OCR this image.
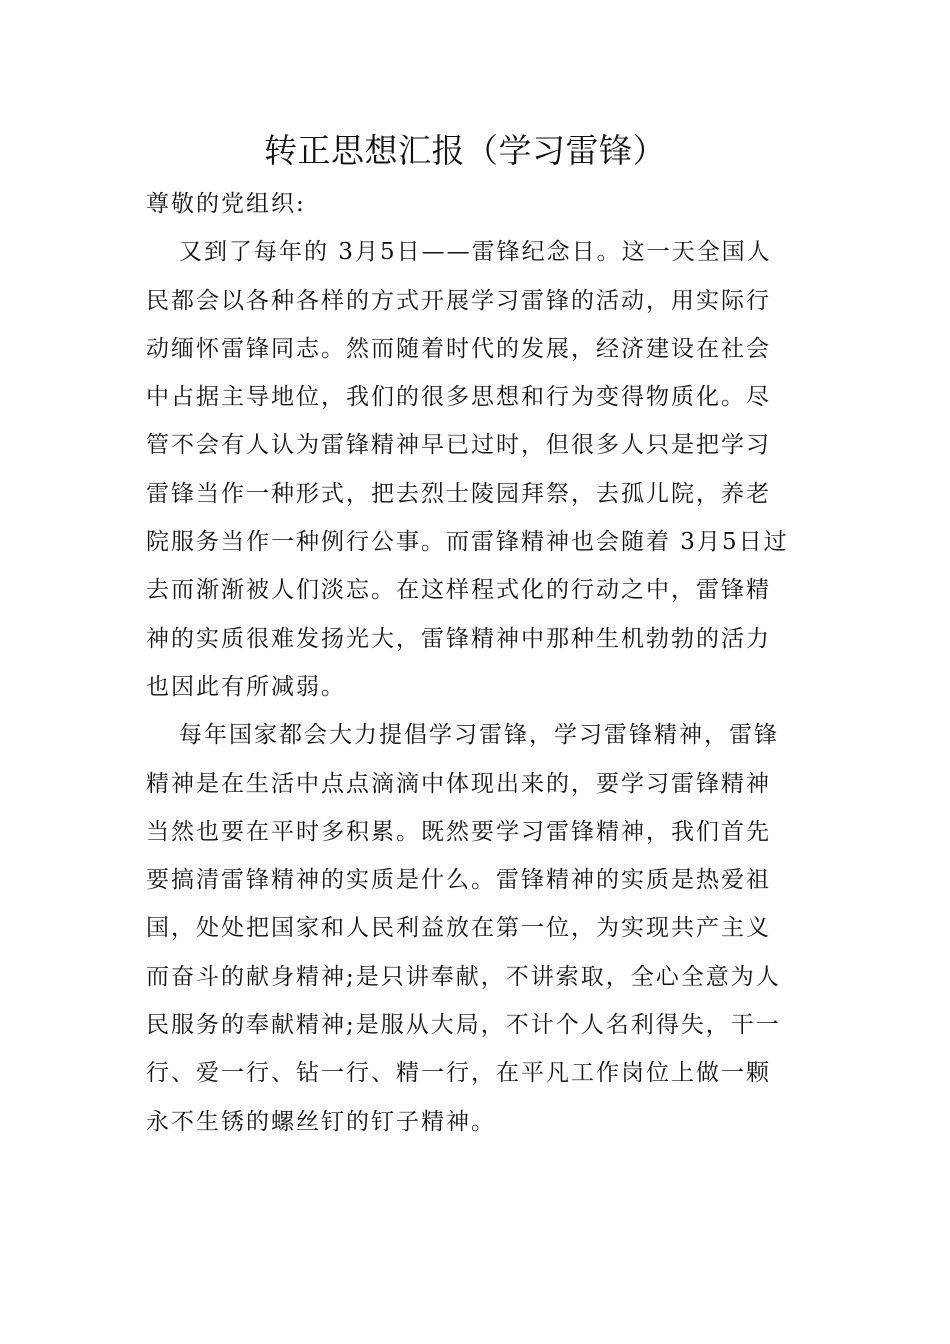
转正思想汇报（学习雷锋）

尊敬的党组织:

又到了每年的 3月5日——雷锋纪念日。这一天全国人
民都会以各种各样的方式开展学习雷锋的活动，用实际行
动缅怀雷锋同志。然而随着时代的发展，经济建设在社会
中占据主导地位，我们的很多思想和行为变得物质化。尽
管不会有人认为雷锋精神早已过时，但很多人只是把学习
雷锋当作一种形式，把去烈士陵园拜祭，去孤儿院，养老
院服务当作一种例行公事。而雷锋精神也会随着 3月5日过
去而渐渐被人们淡忘。在这样程式化的行动之中，雷锋精
神的实质很难发扬光大，雷锋精神中那种生机勃勃的活力
也因此有所减弱。

每年国家都会大力提倡学习雷锋，学习雷锋精神，雷锋
精神是在生活中点点滴滴中体现出来的，要学习雷锋精神
当然也要在平时多积累。既然要学习雷锋精神，我们首先
要搞清雷锋精神的实质是什么。雷锋精神的实质是热爱祖
国，处处把国家和人民利益放在第一位，为实现共产主义
而奋斗的献身精神;是只讲奉献，不讲索取，全心全意为人
民服务的奉献精神;是服从大局，不计个人名利得失，干一
行、爱一行、钻一行、精一行，在平凡工作岗位上做一颗
永不生锈的螺丝钉的钉子精神。
